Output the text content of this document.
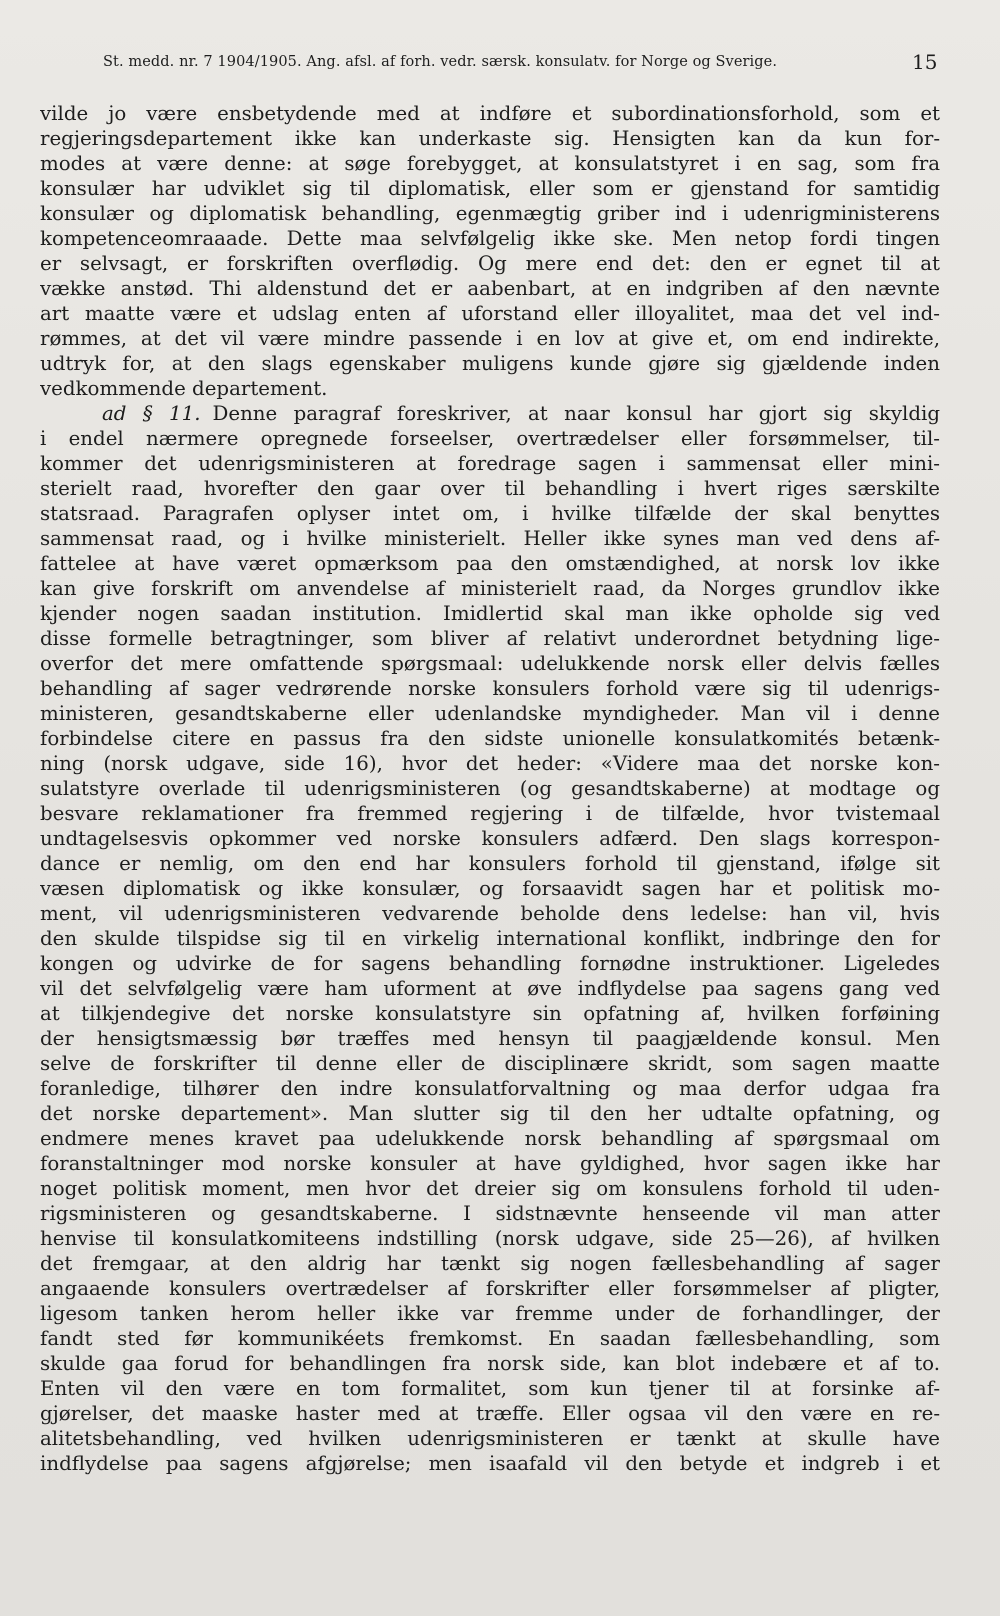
St. medd. nr. 7 1904/1905. Ang. afsl. af forh. vedr. særsk. konsulatv. for Norge og Sverige.	15
vilde jo være ensbetydende med at indføre et subordinationsforhold, som et
regjeringsdepartement ikke kan underkaste sig. Hensigten kan da kun for-
modes at være denne: at søge forebygget, at konsulatstyret i en sag, som fra
konsulær har udviklet sig til diplomatisk, eller som er gjenstand for samtidig
konsulær og diplomatisk behandling, egenmægtig griber ind i udenrigministerens
kompetenceomraaade. Dette maa selvfølgelig ikke ske. Men netop fordi tingen
er selvsagt, er forskriften overflødig. Og mere end det: den er egnet til at
vække anstød. Thi aldenstund det er aabenbart, at en indgriben af den nævnte
art maatte være et udslag enten af uforstand eller illoyalitet, maa det vel ind-
rømmes, at det vil være mindre passende i en lov at give et, om end indirekte,
udtryk for, at den slags egenskaber muligens kunde gjøre sig gjældende inden
vedkommende departement.
ad § 11. Denne paragraf foreskriver, at naar konsul har gjort sig skyldig
i endel nærmere opregnede forseelser, overtrædelser eller forsømmelser, til-
kommer det udenrigsministeren at foredrage sagen i sammensat eller mini-
sterielt raad, hvorefter den gaar over til behandling i hvert riges særskilte
statsraad. Paragrafen oplyser intet om, i hvilke tilfælde der skal benyttes
sammensat raad, og i hvilke ministerielt. Heller ikke synes man ved dens af-
fattelee at have været opmærksom paa den omstændighed, at norsk lov ikke
kan give forskrift om anvendelse af ministerielt raad, da Norges grundlov ikke
kjender nogen saadan institution. Imidlertid skal man ikke opholde sig ved
disse formelle betragtninger, som bliver af relativt underordnet betydning lige-
overfor det mere omfattende spørgsmaal: udelukkende norsk eller delvis fælles
behandling af sager vedrørende norske konsulers forhold være sig til udenrigs-
ministeren, gesandtskaberne eller udenlandske myndigheder. Man vil i denne
forbindelse citere en passus fra den sidste unionelle konsulatkomités betænk-
ning (norsk udgave, side 16), hvor det heder: «Videre maa det norske kon-
sulatstyre overlade til udenrigsministeren (og gesandtskaberne) at modtage og
besvare reklamationer fra fremmed regjering i de tilfælde, hvor tvistemaal
undtagelsesvis opkommer ved norske konsulers adfærd. Den slags korrespon-
dance er nemlig, om den end har konsulers forhold til gjenstand, ifølge sit
væsen diplomatisk og ikke konsulær, og forsaavidt sagen har et politisk mo-
ment, vil udenrigsministeren vedvarende beholde dens ledelse: han vil, hvis
den skulde tilspidse sig til en virkelig international konflikt, indbringe den for
kongen og udvirke de for sagens behandling fornødne instruktioner. Ligeledes
vil det selvfølgelig være ham uforment at øve indflydelse paa sagens gang ved
at tilkjendegive det norske konsulatstyre sin opfatning af, hvilken forføining
der hensigtsmæssig bør træffes med hensyn til paagjældende konsul. Men
selve de forskrifter til denne eller de disciplinære skridt, som sagen maatte
foranledige, tilhører den indre konsulatforvaltning og maa derfor udgaa fra
det norske departement». Man slutter sig til den her udtalte opfatning, og
endmere menes kravet paa udelukkende norsk behandling af spørgsmaal om
foranstaltninger mod norske konsuler at have gyldighed, hvor sagen ikke har
noget politisk moment, men hvor det dreier sig om konsulens forhold til uden-
rigsministeren og gesandtskaberne. I sidstnævnte henseende vil man atter
henvise til konsulatkomiteens indstilling (norsk udgave, side 25—26), af hvilken
det fremgaar, at den aldrig har tænkt sig nogen fællesbehandling af sager
angaaende konsulers overtrædelser af forskrifter eller forsømmelser af pligter,
ligesom tanken herom heller ikke var fremme under de forhandlinger, der
fandt sted før kommunikéets fremkomst. En saadan fællesbehandling, som
skulde gaa forud for behandlingen fra norsk side, kan blot indebære et af to.
Enten vil den være en tom formalitet, som kun tjener til at forsinke af-
gjørelser, det maaske haster med at træffe. Eller ogsaa vil den være en re-
alitetsbehandling, ved hvilken udenrigsministeren er tænkt at skulle have
indflydelse paa sagens afgjørelse; men isaafald vil den betyde et indgreb i et
